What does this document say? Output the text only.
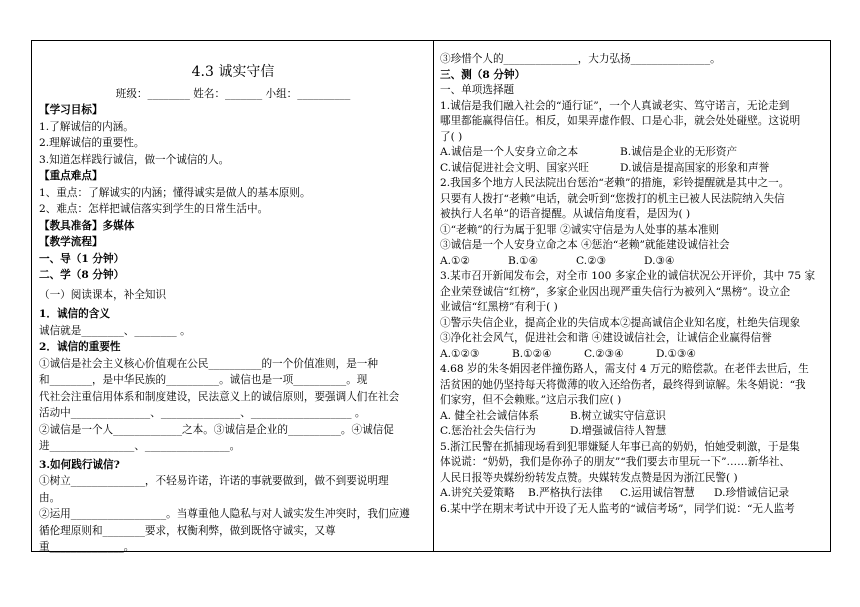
4.3 诚实守信
班级：________ 姓名：_______ 小组：__________
【学习目标】
1.了解诚信的内涵。
2.理解诚信的重要性。
3.知道怎样践行诚信，做一个诚信的人。
【重点难点】
1、重点：了解诚实的内涵；懂得诚实是做人的基本原则。
2、难点：怎样把诚信落实到学生的日常生活中。
【教具准备】多媒体
【教学流程】
一、导（1 分钟）
二、学（8 分钟）
（一）阅读课本，补全知识
1．诚信的含义
诚信就是________、________ 。
2．诚信的重要性
①诚信是社会主义核心价值观在公民__________的一个价值准则，是一种
和________，是中华民族的__________。诚信也是一项__________。现
代社会注重信用体系和制度建设，民法意义上的诚信原则，要强调人们在社会
活动中_______________、_______________、___________________ 。
②诚信是一个人_____________之本。③诚信是企业的__________。④诚信促
进________________、________________。
3.如何践行诚信?
①树立______________，不轻易许诺，许诺的事就要做到，做不到要说明理
由。
②运用__________________。当尊重他人隐私与对人诚实发生冲突时，我们应遵
循伦理原则和________要求，权衡利弊，做到既恪守诚实，又尊
重______________。
③珍惜个人的______________，大力弘扬_______________。
三、测（8 分钟）
一、单项选择题
1.诚信是我们融入社会的“通行证”，一个人真诚老实、笃守诺言，无论走到
哪里都能赢得信任。相反，如果弄虚作假、口是心非，就会处处碰壁。这说明
了( )
A.诚信是一个人安身立命之本	B.诚信是企业的无形资产
C.诚信促进社会文明、国家兴旺	D.诚信是提高国家的形象和声誉
2.我国多个地方人民法院出台惩治“老赖”的措施，彩铃提醒就是其中之一。
只要有人拨打“老赖”电话，就会听到“您拨打的机主已被人民法院纳入失信
被执行人名单”的语音提醒。从诚信角度看，是因为( )
①“老赖”的行为属于犯罪 ②诚实守信是为人处事的基本准则
③诚信是一个人安身立命之本 ④惩治“老赖”就能建设诚信社会
A.①②	B.①④	C.②③	D.③④
3.某市召开新闻发布会，对全市 100 多家企业的诚信状况公开评价，其中 75 家
企业荣登诚信“红榜”，多家企业因出现严重失信行为被列入“黑榜”。设立企
业诚信“红黑榜”有利于( )
①警示失信企业，提高企业的失信成本②提高诚信企业知名度，杜绝失信现象
③净化社会风气，促进社会和谐 ④建设诚信社会，让诚信企业赢得信誉
A.①②③	B.①②④	C.②③④	D.①③④
4.68 岁的朱冬娟因老伴撞伤路人，需支付 4 万元的赔偿款。在老伴去世后，生
活贫困的她仍坚持每天将微薄的收入还给伤者，最终得到谅解。朱冬娟说：“我
们家穷，但不会赖账。”这启示我们应( )
A. 健全社会诚信体系	B.树立诚实守信意识
C.惩治社会失信行为	D.增强诚信待人智慧
5.浙江民警在抓捕现场看到犯罪嫌疑人年事已高的奶奶，怕她受刺激，于是集
体说谎：“奶奶，我们是你孙子的朋友”“我们要去市里玩一下”……新华社、
人民日报等央媒纷纷转发点赞。央媒转发点赞是因为浙江民警( )
A.讲究关爱策略	B.严格执行法律	C.运用诚信智慧	D.珍惜诚信记录
6.某中学在期末考试中开设了无人监考的“诚信考场”，同学们说：“无人监考
